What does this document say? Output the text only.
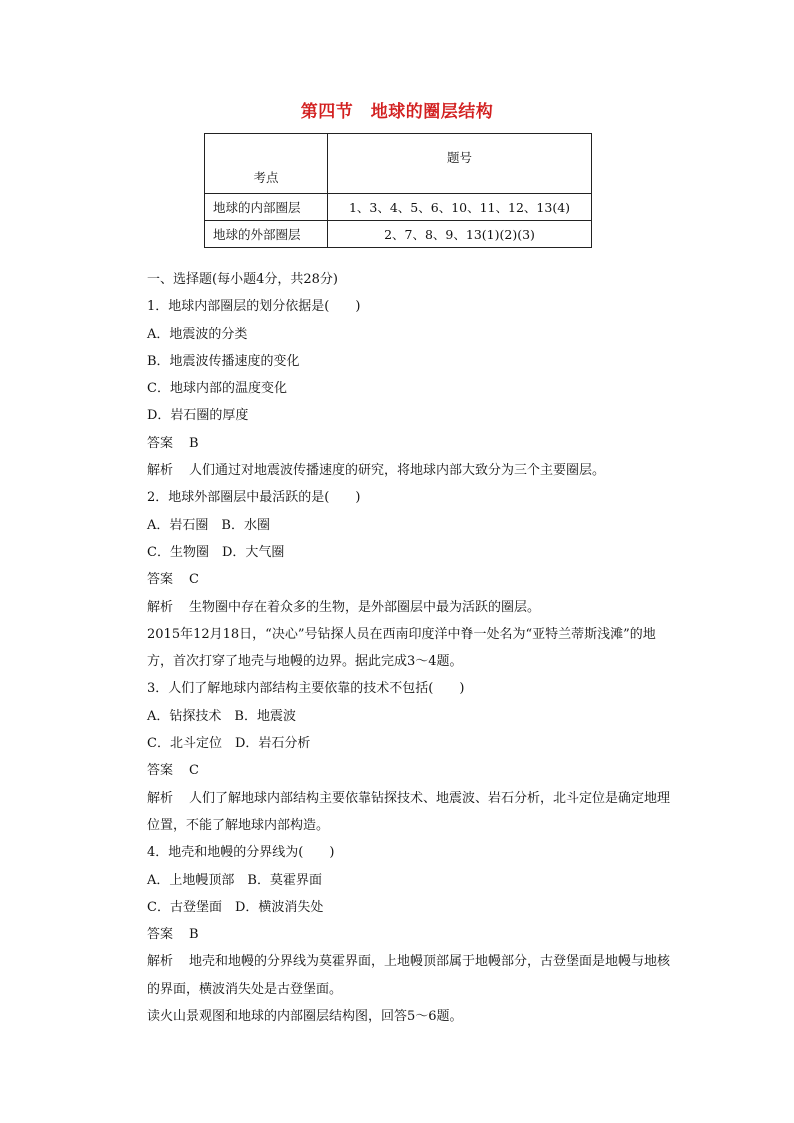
第四节　地球的圈层结构
考点	题号
地球的内部圈层	1、3、4、5、6、10、11、12、13(4)
地球的外部圈层	2、7、8、9、13(1)(2)(3)
一、选择题(每小题4分，共28分)
1．地球内部圈层的划分依据是(　　)
A．地震波的分类
B．地震波传播速度的变化
C．地球内部的温度变化
D．岩石圈的厚度
答案 B
解析 人们通过对地震波传播速度的研究，将地球内部大致分为三个主要圈层。
2．地球外部圈层中最活跃的是(　　)
A．岩石圈　B．水圈
C．生物圈　D．大气圈
答案 C
解析 生物圈中存在着众多的生物，是外部圈层中最为活跃的圈层。
2015年12月18日，“决心”号钻探人员在西南印度洋中脊一处名为“亚特兰蒂斯浅滩”的地方，首次打穿了地壳与地幔的边界。据此完成3～4题。
3．人们了解地球内部结构主要依靠的技术不包括(　　)
A．钻探技术　B．地震波
C．北斗定位　D．岩石分析
答案 C
解析 人们了解地球内部结构主要依靠钻探技术、地震波、岩石分析，北斗定位是确定地理位置，不能了解地球内部构造。
4．地壳和地幔的分界线为(　　)
A．上地幔顶部　B．莫霍界面
C．古登堡面　D．横波消失处
答案 B
解析 地壳和地幔的分界线为莫霍界面，上地幔顶部属于地幔部分，古登堡面是地幔与地核的界面，横波消失处是古登堡面。
读火山景观图和地球的内部圈层结构图，回答5～6题。
